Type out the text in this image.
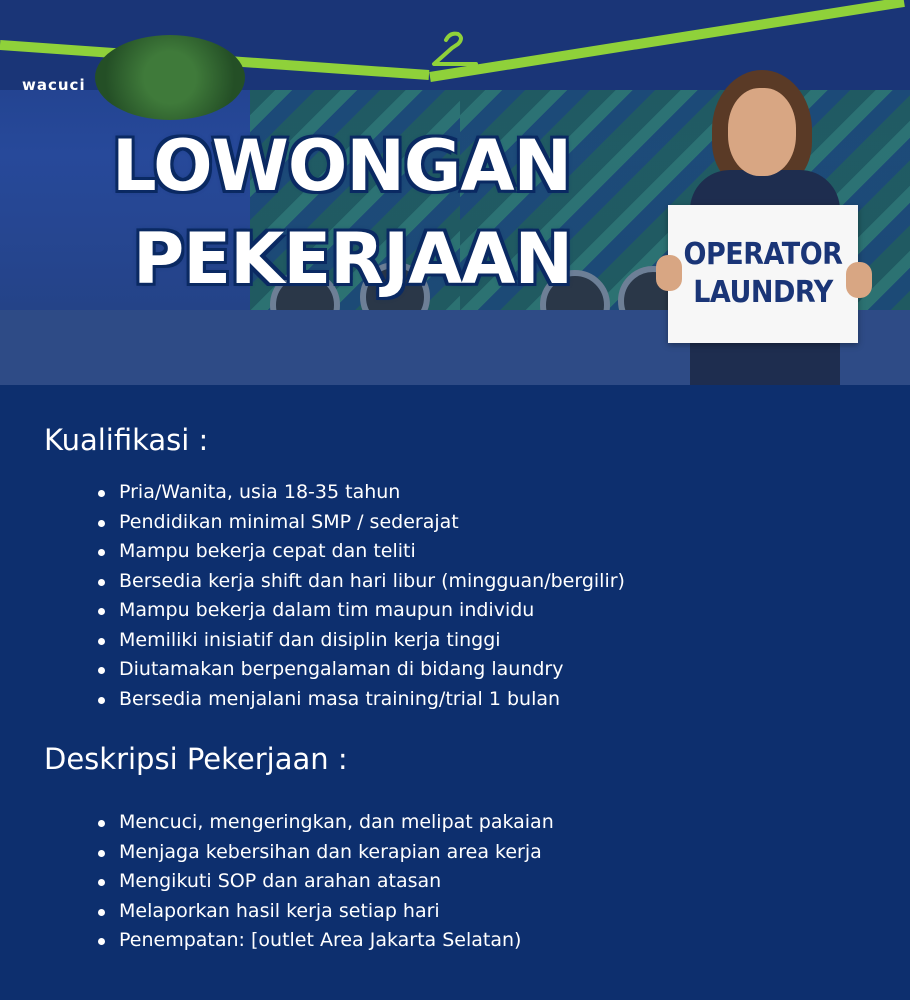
wacuci
LOWONGAN
PEKERJAAN	OPERATOR
LAUNDRY
Kualifikasi :
Pria/Wanita, usia 18-35 tahun
Pendidikan minimal SMP / sederajat
Mampu bekerja cepat dan teliti
Bersedia kerja shift dan hari libur (mingguan/bergilir)
Mampu bekerja dalam tim maupun individu
Memiliki inisiatif dan disiplin kerja tinggi
Diutamakan berpengalaman di bidang laundry
Bersedia menjalani masa training/trial 1 bulan
Deskripsi Pekerjaan :
Mencuci, mengeringkan, dan melipat pakaian
Menjaga kebersihan dan kerapian area kerja
Mengikuti SOP dan arahan atasan
Melaporkan hasil kerja setiap hari
Penempatan: [outlet Area Jakarta Selatan)
